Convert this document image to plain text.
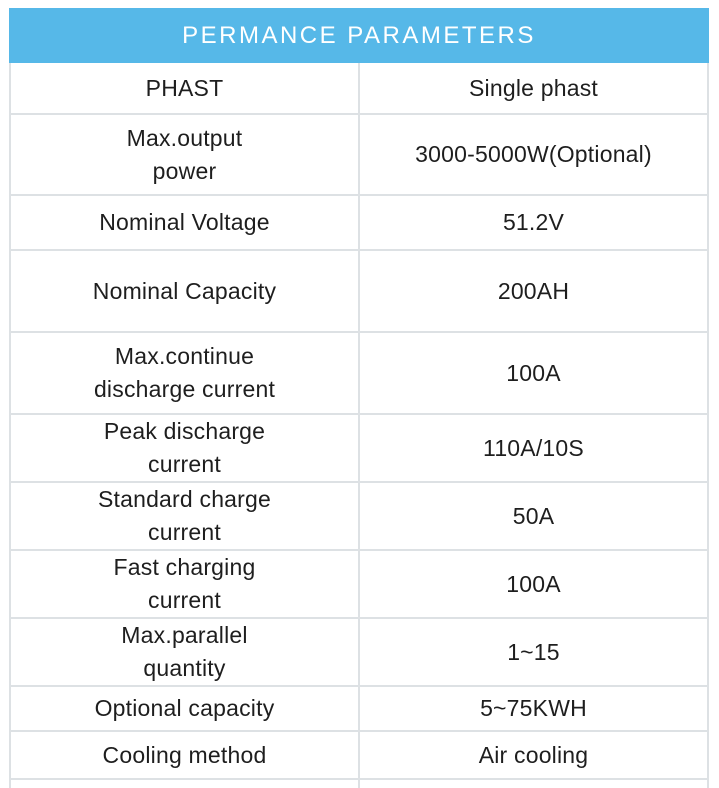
PERMANCE PARAMETERS	
PHAST	Single phast
Max.output
power	3000-5000W(Optional)
Nominal Voltage	51.2V
Nominal Capacity	200AH
Max.continue
discharge current	100A
Peak discharge
current	110A/10S
Standard charge
current	50A
Fast charging
current	100A
Max.parallel
quantity	1~15
Optional capacity	5~75KWH
Cooling method	Air cooling
